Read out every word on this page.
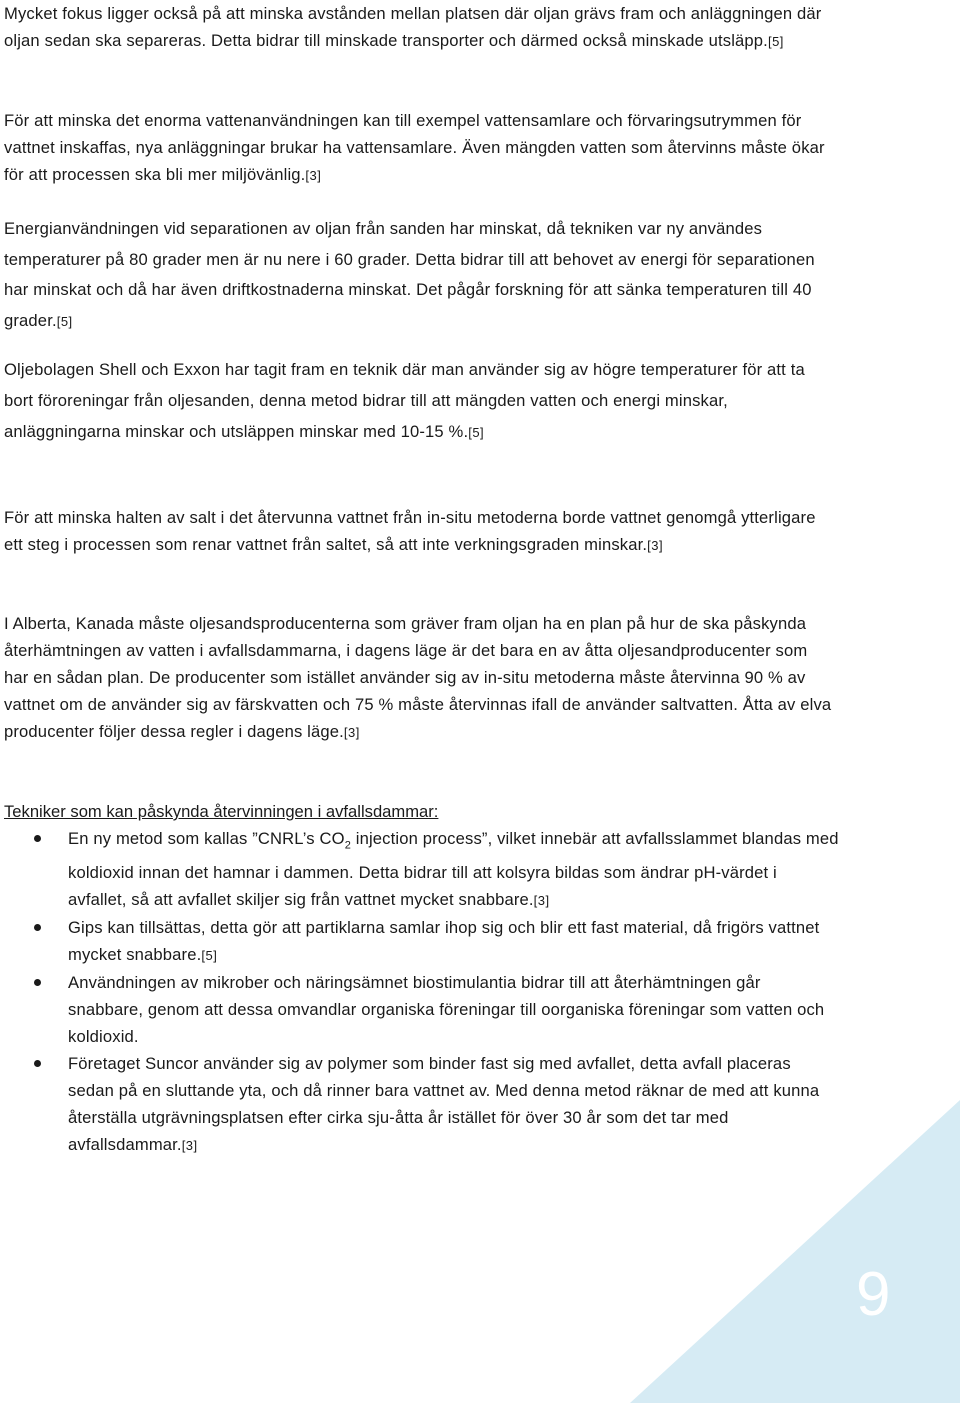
Mycket fokus ligger också på att minska avstånden mellan platsen där oljan grävs fram och anläggningen där oljan sedan ska separeras. Detta bidrar till minskade transporter och därmed också minskade utsläpp.[5]

För att minska det enorma vattenanvändningen kan till exempel vattensamlare och förvaringsutrymmen för vattnet inskaffas, nya anläggningar brukar ha vattensamlare. Även mängden vatten som återvinns måste ökar för att processen ska bli mer miljövänlig.[3]

Energianvändningen vid separationen av oljan från sanden har minskat, då tekniken var ny användes temperaturer på 80 grader men är nu nere i 60 grader. Detta bidrar till att behovet av energi för separationen har minskat och då har även driftkostnaderna minskat. Det pågår forskning för att sänka temperaturen till 40 grader.[5]

Oljebolagen Shell och Exxon har tagit fram en teknik där man använder sig av högre temperaturer för att ta bort föroreningar från oljesanden, denna metod bidrar till att mängden vatten och energi minskar, anläggningarna minskar och utsläppen minskar med 10-15 %.[5]

För att minska halten av salt i det återvunna vattnet från in-situ metoderna borde vattnet genomgå ytterligare ett steg i processen som renar vattnet från saltet, så att inte verkningsgraden minskar.[3]

I Alberta, Kanada måste oljesandsproducenterna som gräver fram oljan ha en plan på hur de ska påskynda återhämtningen av vatten i avfallsdammarna, i dagens läge är det bara en av åtta oljesandproducenter som har en sådan plan. De producenter som istället använder sig av in-situ metoderna måste återvinna 90 % av vattnet om de använder sig av färskvatten och 75 % måste återvinnas ifall de använder saltvatten. Åtta av elva producenter följer dessa regler i dagens läge.[3]

Tekniker som kan påskynda återvinningen i avfallsdammar:

En ny metod som kallas ”CNRL’s $CO_2$ injection process”, vilket innebär att avfallsslammet blandas med koldioxid innan det hamnar i dammen. Detta bidrar till att kolsyra bildas som ändrar pH-värdet i avfallet, så att avfallet skiljer sig från vattnet mycket snabbare.[3]
Gips kan tillsättas, detta gör att partiklarna samlar ihop sig och blir ett fast material, då frigörs vattnet mycket snabbare.[5]
Användningen av mikrober och näringsämnet biostimulantia bidrar till att återhämtningen går snabbare, genom att dessa omvandlar organiska föreningar till oorganiska föreningar som vatten och koldioxid.
Företaget Suncor använder sig av polymer som binder fast sig med avfallet, detta avfall placeras sedan på en sluttande yta, och då rinner bara vattnet av. Med denna metod räknar de med att kunna återställa utgrävningsplatsen efter cirka sju-åtta år istället för över 30 år som det tar med avfallsdammar.[3]
9
